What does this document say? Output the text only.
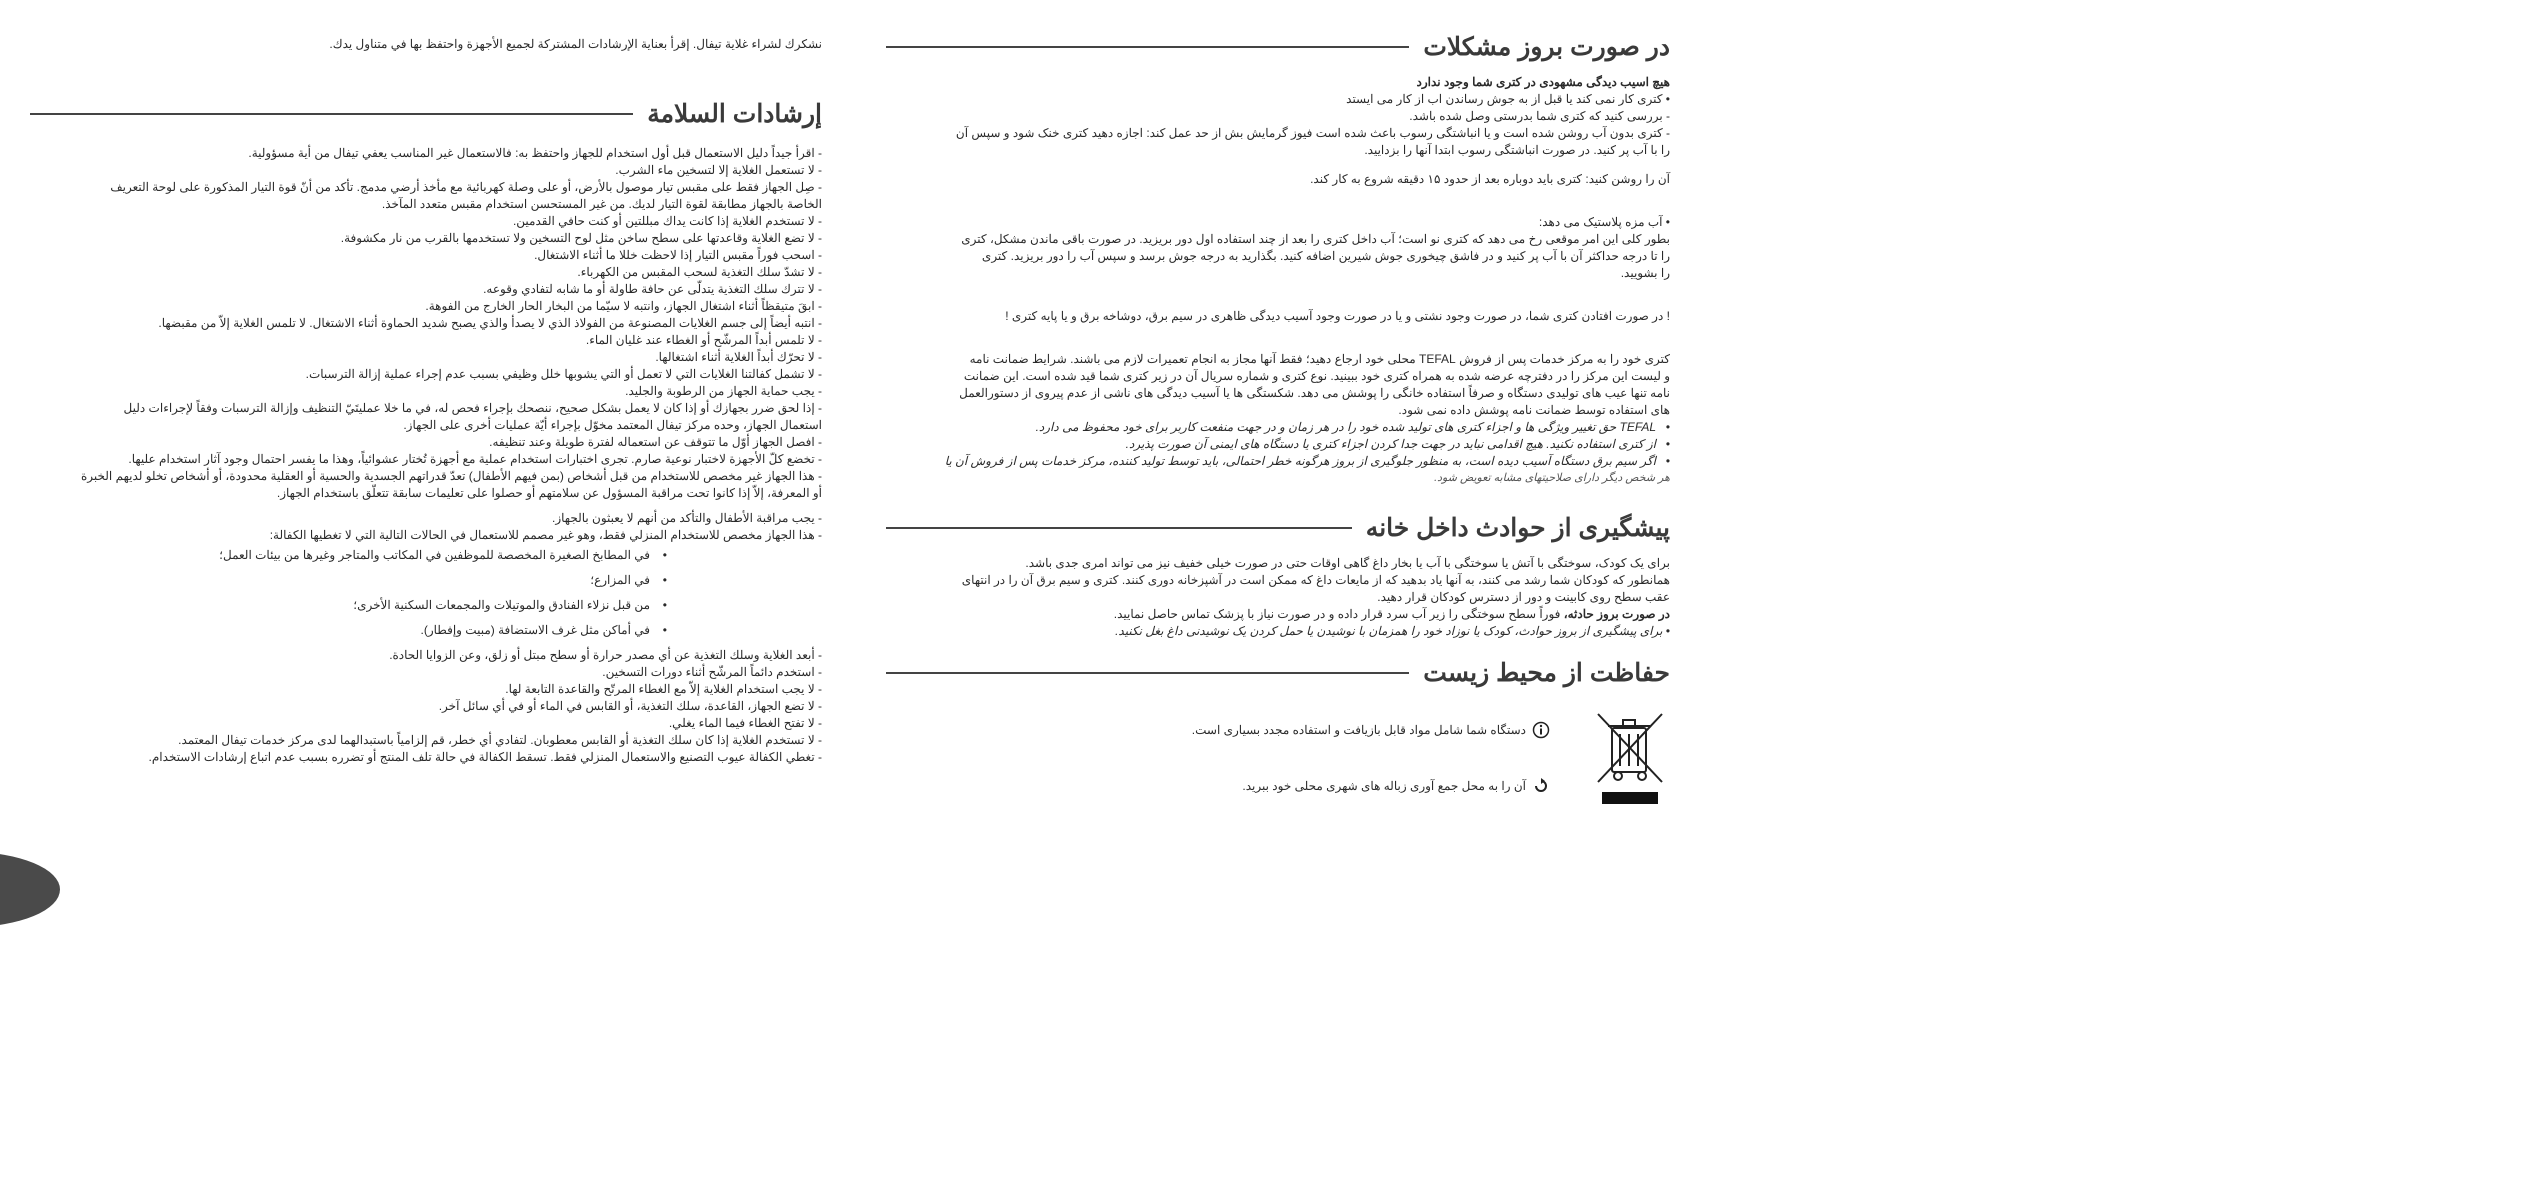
نشكرك لشراء غلاية تيفال. إقرأ بعناية الإرشادات المشتركة لجميع الأجهزة واحتفظ بها في متناول يدك.

إرشادات السلامة

- اقرأ جيداً دليل الاستعمال قبل أول استخدام للجهاز واحتفظ به: فالاستعمال غير المناسب يعفي تيفال من أية مسؤولية.

- لا تستعمل الغلاية إلا لتسخين ماء الشرب.

- صِل الجهاز فقط على مقبس تيار موصول بالأرض، أو على وصلة كهربائية مع مأخذ أرضي مدمج. تأكد من أنّ قوة التيار المذكورة على لوحة التعريف

الخاصة بالجهاز مطابقة لقوة التيار لديك. من غير المستحسن استخدام مقبس متعدد المآخذ.

- لا تستخدم الغلاية إذا كانت يداك مبللتين أو كنت حافي القدمين.

- لا تضع الغلاية وقاعدتها على سطح ساخن مثل لوح التسخين ولا تستخدمها بالقرب من نار مكشوفة.

- اسحب فوراً مقبس التيار إذا لاحظت خللا ما أثناء الاشتغال.

- لا تشدّ سلك التغذية لسحب المقبس من الكهرباء.

- لا تترك سلك التغذية يتدلّى عن حافة طاولة أو ما شابه لتفادي وقوعه.

- ابقَ متيقظاً أثناء اشتغال الجهاز، وانتبه لا سيّما من البخار الحار الخارج من الفوهة.

- انتبه أيضاً إلى جسم الغلايات المصنوعة من الفولاذ الذي لا يصدأ والذي يصبح شديد الحماوة أثناء الاشتغال. لا تلمس الغلاية إلاّ من مقبضها.

- لا تلمس أبداً المرشّح أو الغطاء عند غليان الماء.

- لا تحرّك أبداً الغلاية أثناء اشتغالها.

- لا تشمل كفالتنا الغلايات التي لا تعمل أو التي يشوبها خلل وظيفي بسبب عدم إجراء عملية إزالة الترسبات.

- يجب حماية الجهاز من الرطوبة والجليد.

- إذا لحق ضرر بجهازك أو إذا كان لا يعمل بشكل صحيح، ننصحك بإجراء فحص له، في ما خلا عمليتَيّ التنظيف وإزالة الترسبات وفقاً لإجراءات دليل

استعمال الجهاز، وحده مركز تيفال المعتمد مخوّل بإجراء أيّة عمليات أخرى على الجهاز.

- افصل الجهاز أوّل ما تتوقف عن استعماله لفترة طويلة وعند تنظيفه.

- تخضع كلّ الأجهزة لاختبار نوعية صارم. تجرى اختبارات استخدام عملية مع أجهزة تُختار عشوائياً، وهذا ما يفسر احتمال وجود آثار استخدام عليها.

- هذا الجهاز غير مخصص للاستخدام من قبل أشخاص (بمن فيهم الأطفال) تعدّ قدراتهم الجسدية والحسية أو العقلية محدودة، أو أشخاص تخلو لديهم الخبرة

أو المعرفة، إلاّ إذا كانوا تحت مراقبة المسؤول عن سلامتهم أو حصلوا على تعليمات سابقة تتعلّق باستخدام الجهاز.

- يجب مراقبة الأطفال والتأكد من أنهم لا يعبثون بالجهاز.

- هذا الجهاز مخصص للاستخدام المنزلي فقط، وهو غير مصمم للاستعمال في الحالات التالية التي لا تغطيها الكفالة:

• في المطابخ الصغيرة المخصصة للموظفين في المكاتب والمتاجر وغيرها من بيئات العمل؛
• في المزارع؛
• من قبل نزلاء الفنادق والموتيلات والمجمعات السكنية الأخرى؛
• في أماكن مثل غرف الاستضافة (مبيت وإفطار).

- أبعد الغلاية وسلك التغذية عن أي مصدر حرارة أو سطح مبتل أو زلق، وعن الزوايا الحادة.

- استخدم دائماً المرشّح أثناء دورات التسخين.

- لا يجب استخدام الغلاية إلاّ مع الغطاء المرتّح والقاعدة التابعة لها.

- لا تضع الجهاز، القاعدة، سلك التغذية، أو القابس في الماء أو في أي سائل آخر.

- لا تفتح الغطاء فيما الماء يغلي.

- لا تستخدم الغلاية إذا كان سلك التغذية أو القابس معطوبان. لتفادي أي خطر، قم إلزامياً باستبدالهما لدى مركز خدمات تيفال المعتمد.

- تغطي الكفالة عيوب التصنيع والاستعمال المنزلي فقط. تسقط الكفالة في حالة تلف المنتج أو تضرره بسبب عدم اتباع إرشادات الاستخدام.

در صورت بروز مشکلات

هیچ اسیب دیدگی مشهودی در کتری شما وجود ندارد

• کتری کار نمی کند یا قبل از به جوش رساندن اب از کار می ایستد

- بررسی کنید که کتری شما بدرستی وصل شده باشد.

- کتری بدون آب روشن شده است و یا انباشتگی رسوب باعث شده است فیوز گرمایش بش از حد عمل کند: اجازه دهید کتری خنک شود و سپس آن

را با آب پر کنید. در صورت انباشتگی رسوب ابتدا آنها را بزدایید.

آن را روشن کنید: کتری باید دوباره بعد از حدود ۱۵ دقیقه شروع به کار کند.

• آب مزه پلاستیک می دهد:

بطور کلی این امر موقعی رخ می دهد که کتری نو است؛ آب داخل کتری را بعد از چند استفاده اول دور بریزید. در صورت باقی ماندن مشکل، کتری

را تا درجه حداکثر آن با آب پر کنید و در فاشق چیخوری جوش شیرین اضافه کنید. بگذارید به درجه جوش برسد و سپس آب را دور بریزید. کتری

را بشویید.

! در صورت افتادن کتری شما، در صورت وجود نشتی و یا در صورت وجود آسیب دیدگی ظاهری در سیم برق، دوشاخه برق و یا پایه کتری !

کتری خود را به مرکز خدمات پس از فروش TEFAL محلی خود ارجاع دهید؛ فقط آنها مجاز به انجام تعمیرات لازم می باشند. شرایط ضمانت نامه

و لیست این مرکز را در دفترچه عرضه شده به همراه کتری خود ببینید. نوع کتری و شماره سریال آن در زیر کتری شما قید شده است. این ضمانت

نامه تنها عیب های تولیدی دستگاه و صرفاً استفاده خانگی را پوشش می دهد. شکستگی ها یا آسیب دیدگی های ناشی از عدم پیروی از دستورالعمل

های استفاده توسط ضمانت نامه پوشش داده نمی شود.

• TEFAL حق تغییر ویژگی ها و اجزاء کتری های تولید شده خود را در هر زمان و در جهت منفعت کاربر برای خود محفوظ می دارد.

• از کتری استفاده نکنید. هیچ اقدامی نباید در جهت جدا کردن اجزاء کتری یا دستگاه های ایمنی آن صورت پذیرد.

• اگر سیم برق دستگاه آسیب دیده است، به منظور جلوگیری از بروز هرگونه خطر احتمالی، باید توسط تولید کننده، مرکز خدمات پس از فروش آن یا

هر شخص دیگر دارای صلاحیتهای مشابه تعویض شود.

پیشگیری از حوادث داخل خانه

برای یک کودک، سوختگی با آتش یا سوختگی با آب یا بخار داغ گاهی اوقات حتی در صورت خیلی خفیف نیز می تواند امری جدی باشد.

همانطور که کودکان شما رشد می کنند، به آنها یاد بدهید که از مایعات داغ که ممکن است در آشپزخانه دوری کنند. کتری و سیم برق آن را در انتهای

عقب سطح روی کابینت و دور از دسترس کودکان قرار دهید.

در صورت بروز حادثه، فوراً سطح سوختگی را زیر آب سرد قرار داده و در صورت نیاز با پزشک تماس حاصل نمایید.

• برای پیشگیری از بروز حوادث، کودک یا نوزاد خود را همزمان با نوشیدن یا حمل کردن یک نوشیدنی داغ بغل نکنید.

حفاظت از محیط زیست
دستگاه شما شامل مواد قابل بازیافت و استفاده مجدد بسیاری است.
آن را به محل جمع آوری زباله های شهری محلی خود ببرید.
